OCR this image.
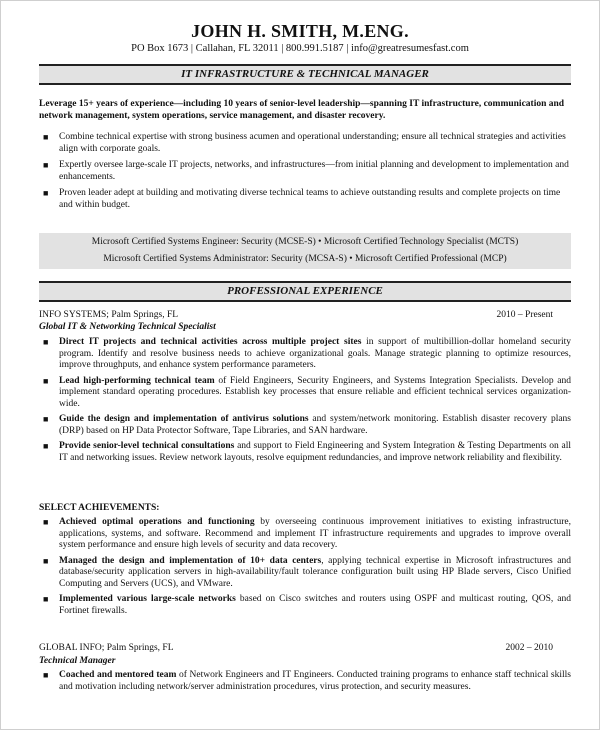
JOHN H. SMITH, M.ENG.
PO Box 1673 | Callahan, FL 32011 | 800.991.5187 | info@greatresumesfast.com
IT INFRASTRUCTURE & TECHNICAL MANAGER
Leverage 15+ years of experience—including 10 years of senior-level leadership—spanning IT infrastructure, communication and network management, system operations, service management, and disaster recovery.
■ Combine technical expertise with strong business acumen and operational understanding; ensure all technical strategies and activities align with corporate goals.
■ Expertly oversee large-scale IT projects, networks, and infrastructures—from initial planning and development to implementation and enhancements.
■ Proven leader adept at building and motivating diverse technical teams to achieve outstanding results and complete projects on time and within budget.
Microsoft Certified Systems Engineer: Security (MCSE-S) • Microsoft Certified Technology Specialist (MCTS)
Microsoft Certified Systems Administrator: Security (MCSA-S) • Microsoft Certified Professional (MCP)
PROFESSIONAL EXPERIENCE
INFO SYSTEMS; Palm Springs, FL	2010 – Present
Global IT & Networking Technical Specialist
■ Direct IT projects and technical activities across multiple project sites in support of multibillion-dollar homeland security program. Identify and resolve business needs to achieve organizational goals. Manage strategic planning to optimize resources, improve throughputs, and enhance system performance parameters.
■ Lead high-performing technical team of Field Engineers, Security Engineers, and Systems Integration Specialists. Develop and implement standard operating procedures. Establish key processes that ensure reliable and efficient technical services organization-wide.
■ Guide the design and implementation of antivirus solutions and system/network monitoring. Establish disaster recovery plans (DRP) based on HP Data Protector Software, Tape Libraries, and SAN hardware.
■ Provide senior-level technical consultations and support to Field Engineering and System Integration & Testing Departments on all IT and networking issues. Review network layouts, resolve equipment redundancies, and improve network reliability and flexibility.
SELECT ACHIEVEMENTS:
■ Achieved optimal operations and functioning by overseeing continuous improvement initiatives to existing infrastructure, applications, systems, and software. Recommend and implement IT infrastructure requirements and upgrades to improve overall system performance and ensure high levels of security and data recovery.
■ Managed the design and implementation of 10+ data centers, applying technical expertise in Microsoft infrastructures and database/security application servers in high-availability/fault tolerance configuration built using HP Blade servers, Cisco Unified Computing and Servers (UCS), and VMware.
■ Implemented various large-scale networks based on Cisco switches and routers using OSPF and multicast routing, QOS, and Fortinet firewalls.
GLOBAL INFO; Palm Springs, FL	2002 – 2010
Technical Manager
■ Coached and mentored team of Network Engineers and IT Engineers. Conducted training programs to enhance staff technical skills and motivation including network/server administration procedures, virus protection, and security measures.
